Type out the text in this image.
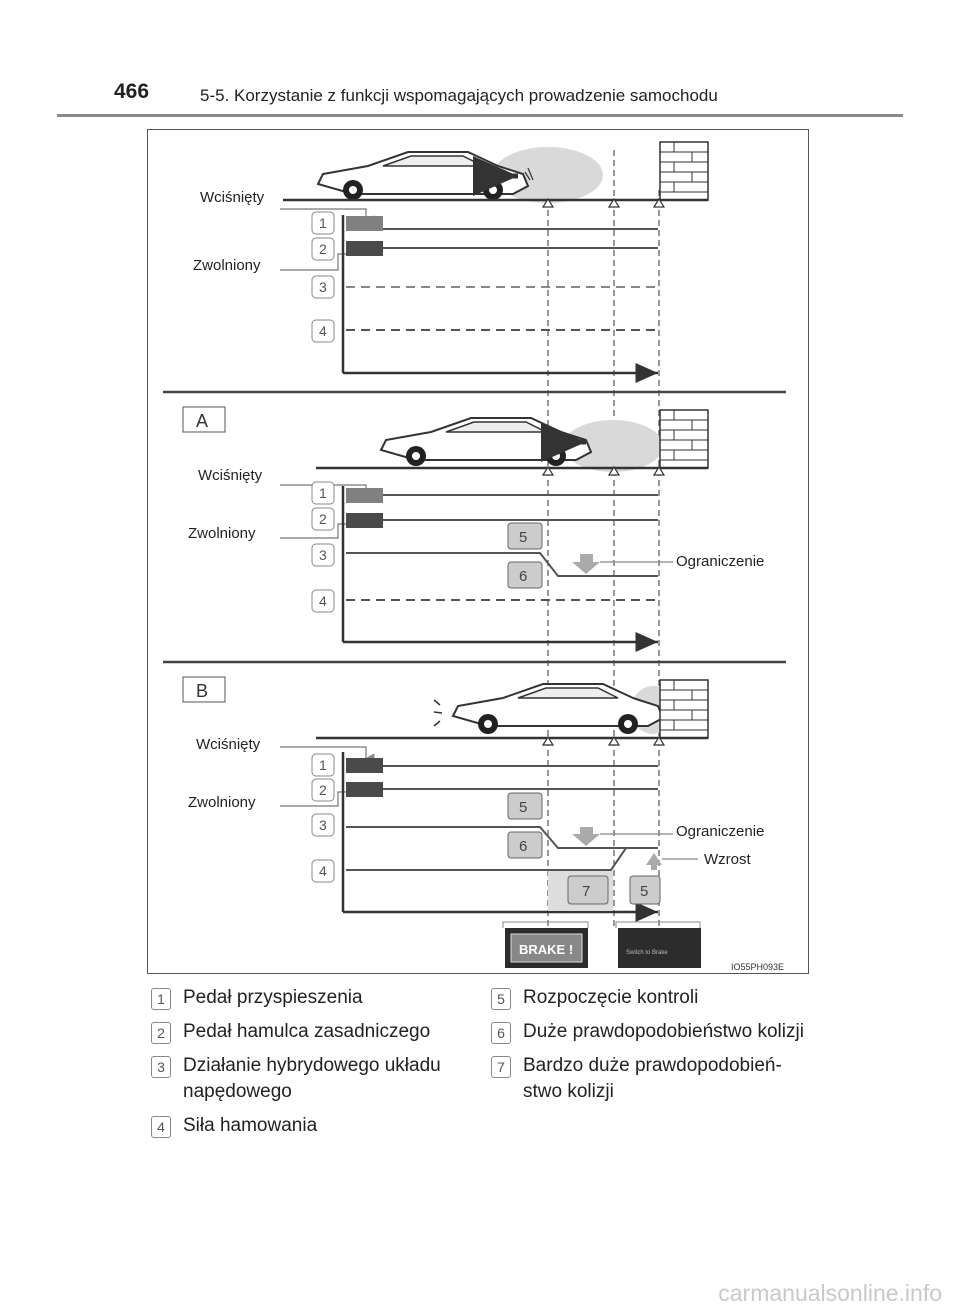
466	5-5. Korzystanie z funkcji wspomagających prowadzenie samochodu
Wciśnięty
Zwolniony
1
2
3
4
A
Wciśnięty
Zwolniony
Ograniczenie
5
6
1
2
3
4
B
Wciśnięty
Zwolniony
Ograniczenie
Wzrost
5
6
7	5
1
2
3
4
BRAKE !	Switch to Brake
IO55PH093E
1 Pedał przyspieszenia
2 Pedał hamulca zasadniczego
3 Działanie hybrydowego układu napędowego
4 Siła hamowania
5 Rozpoczęcie kontroli
6 Duże prawdopodobieństwo kolizji
7 Bardzo duże prawdopodobień-stwo kolizji
carmanualsonline.info
